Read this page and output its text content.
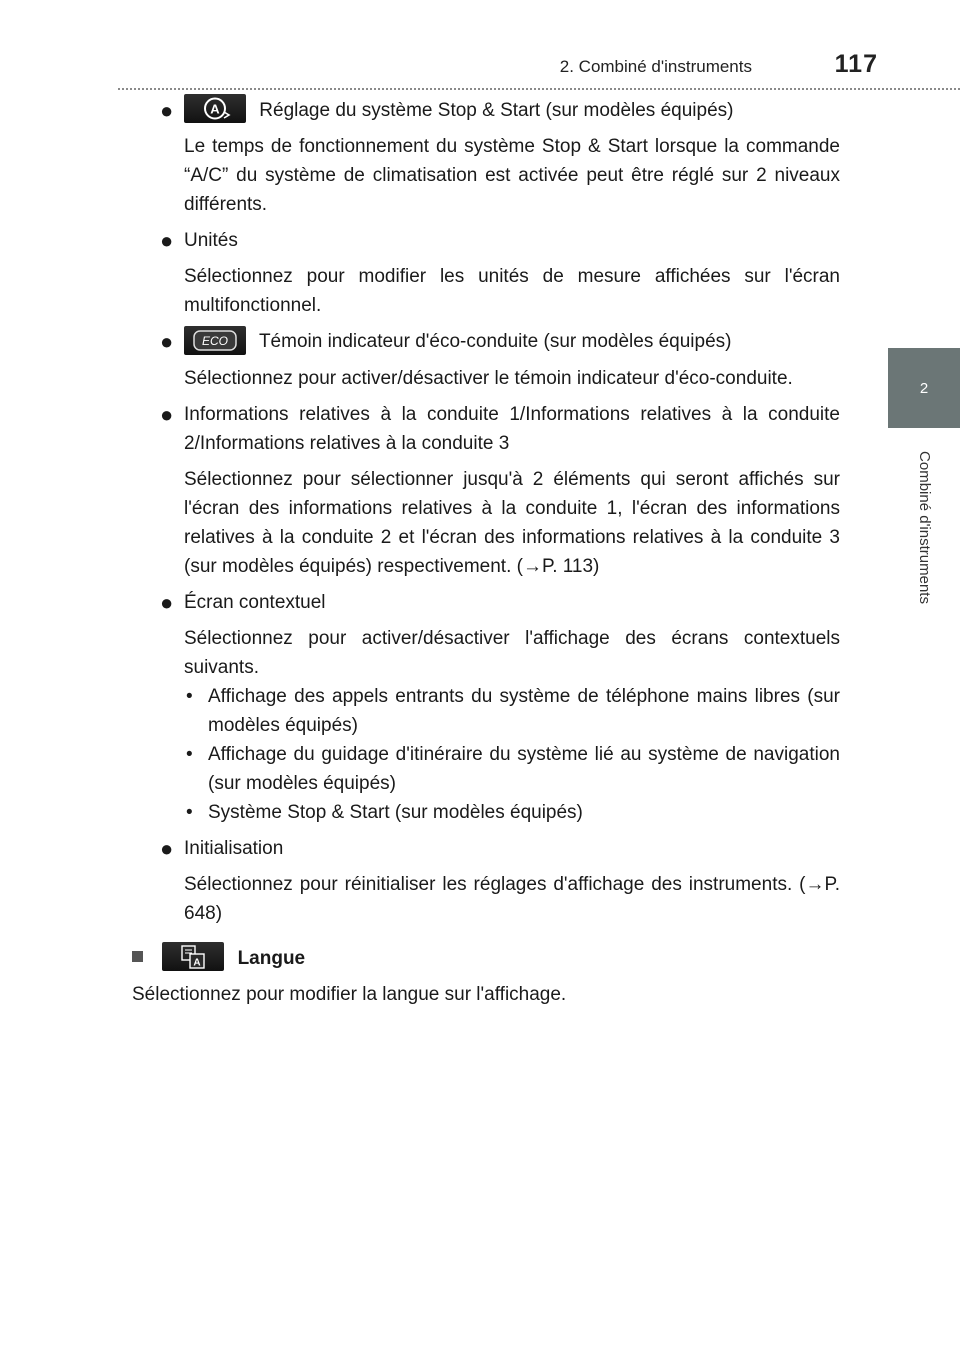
2. Combiné d'instruments	117
2
Combiné d'instruments
●	A Réglage du système Stop & Start (sur modèles équipés)
Le temps de fonctionnement du système Stop & Start lorsque la commande “A/C” du système de climatisation est activée peut être réglé sur 2 niveaux différents.
● Unités
Sélectionnez pour modifier les unités de mesure affichées sur l'écran multifonctionnel.
● ECO Témoin indicateur d'éco-conduite (sur modèles équipés)
Sélectionnez pour activer/désactiver le témoin indicateur d'éco-conduite.
● Informations relatives à la conduite 1/Informations relatives à la conduite 2/Informations relatives à la conduite 3
Sélectionnez pour sélectionner jusqu'à 2 éléments qui seront affichés sur l'écran des informations relatives à la conduite 1, l'écran des informations relatives à la conduite 2 et l'écran des informations relatives à la conduite 3 (sur modèles équipés) respectivement. (→P. 113)
● Écran contextuel
Sélectionnez pour activer/désactiver l'affichage des écrans contextuels suivants.
• Affichage des appels entrants du système de téléphone mains libres (sur modèles équipés)
• Affichage du guidage d'itinéraire du système lié au système de navigation (sur modèles équipés)
• Système Stop & Start (sur modèles équipés)
● Initialisation
Sélectionnez pour réinitialiser les réglages d'affichage des instruments. (→P. 648)

A Langue
Sélectionnez pour modifier la langue sur l'affichage.
